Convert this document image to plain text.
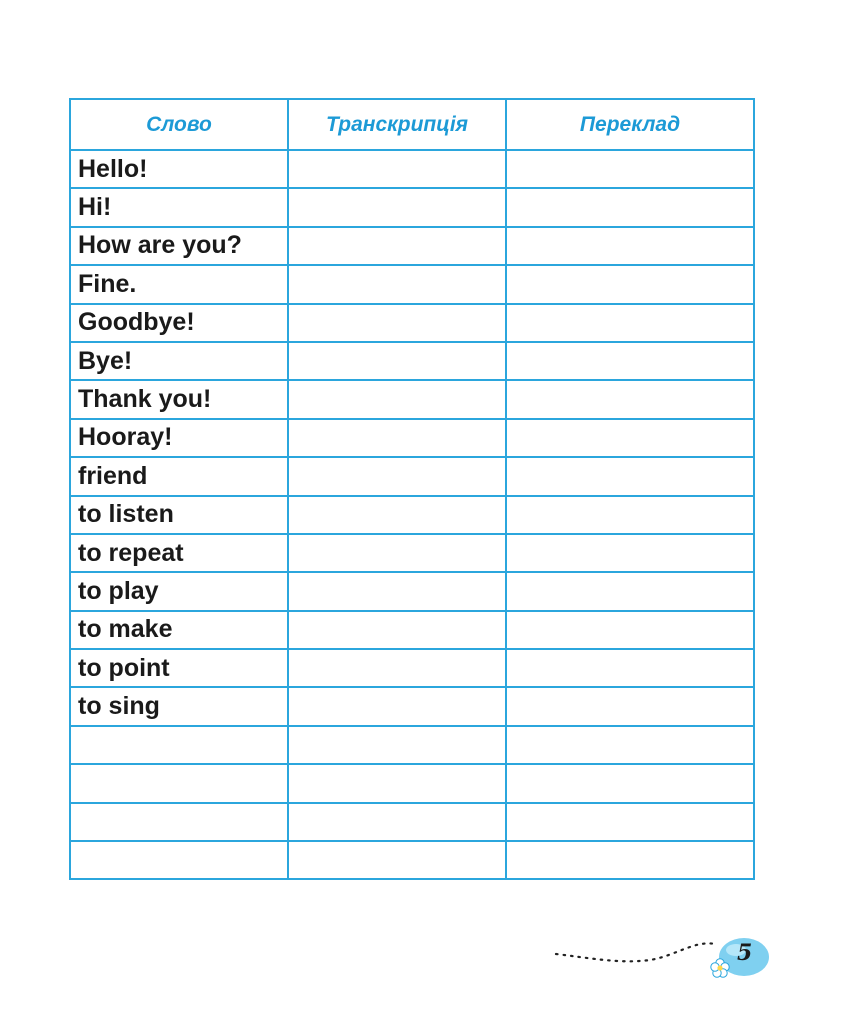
Слово	Транскрипція	Переклад
Hello!		
Hi!		
How are you?		
Fine.		
Goodbye!		
Bye!		
Thank you!		
Hooray!		
friend		
to listen		
to repeat		
to play		
to make		
to point		
to sing		

5
